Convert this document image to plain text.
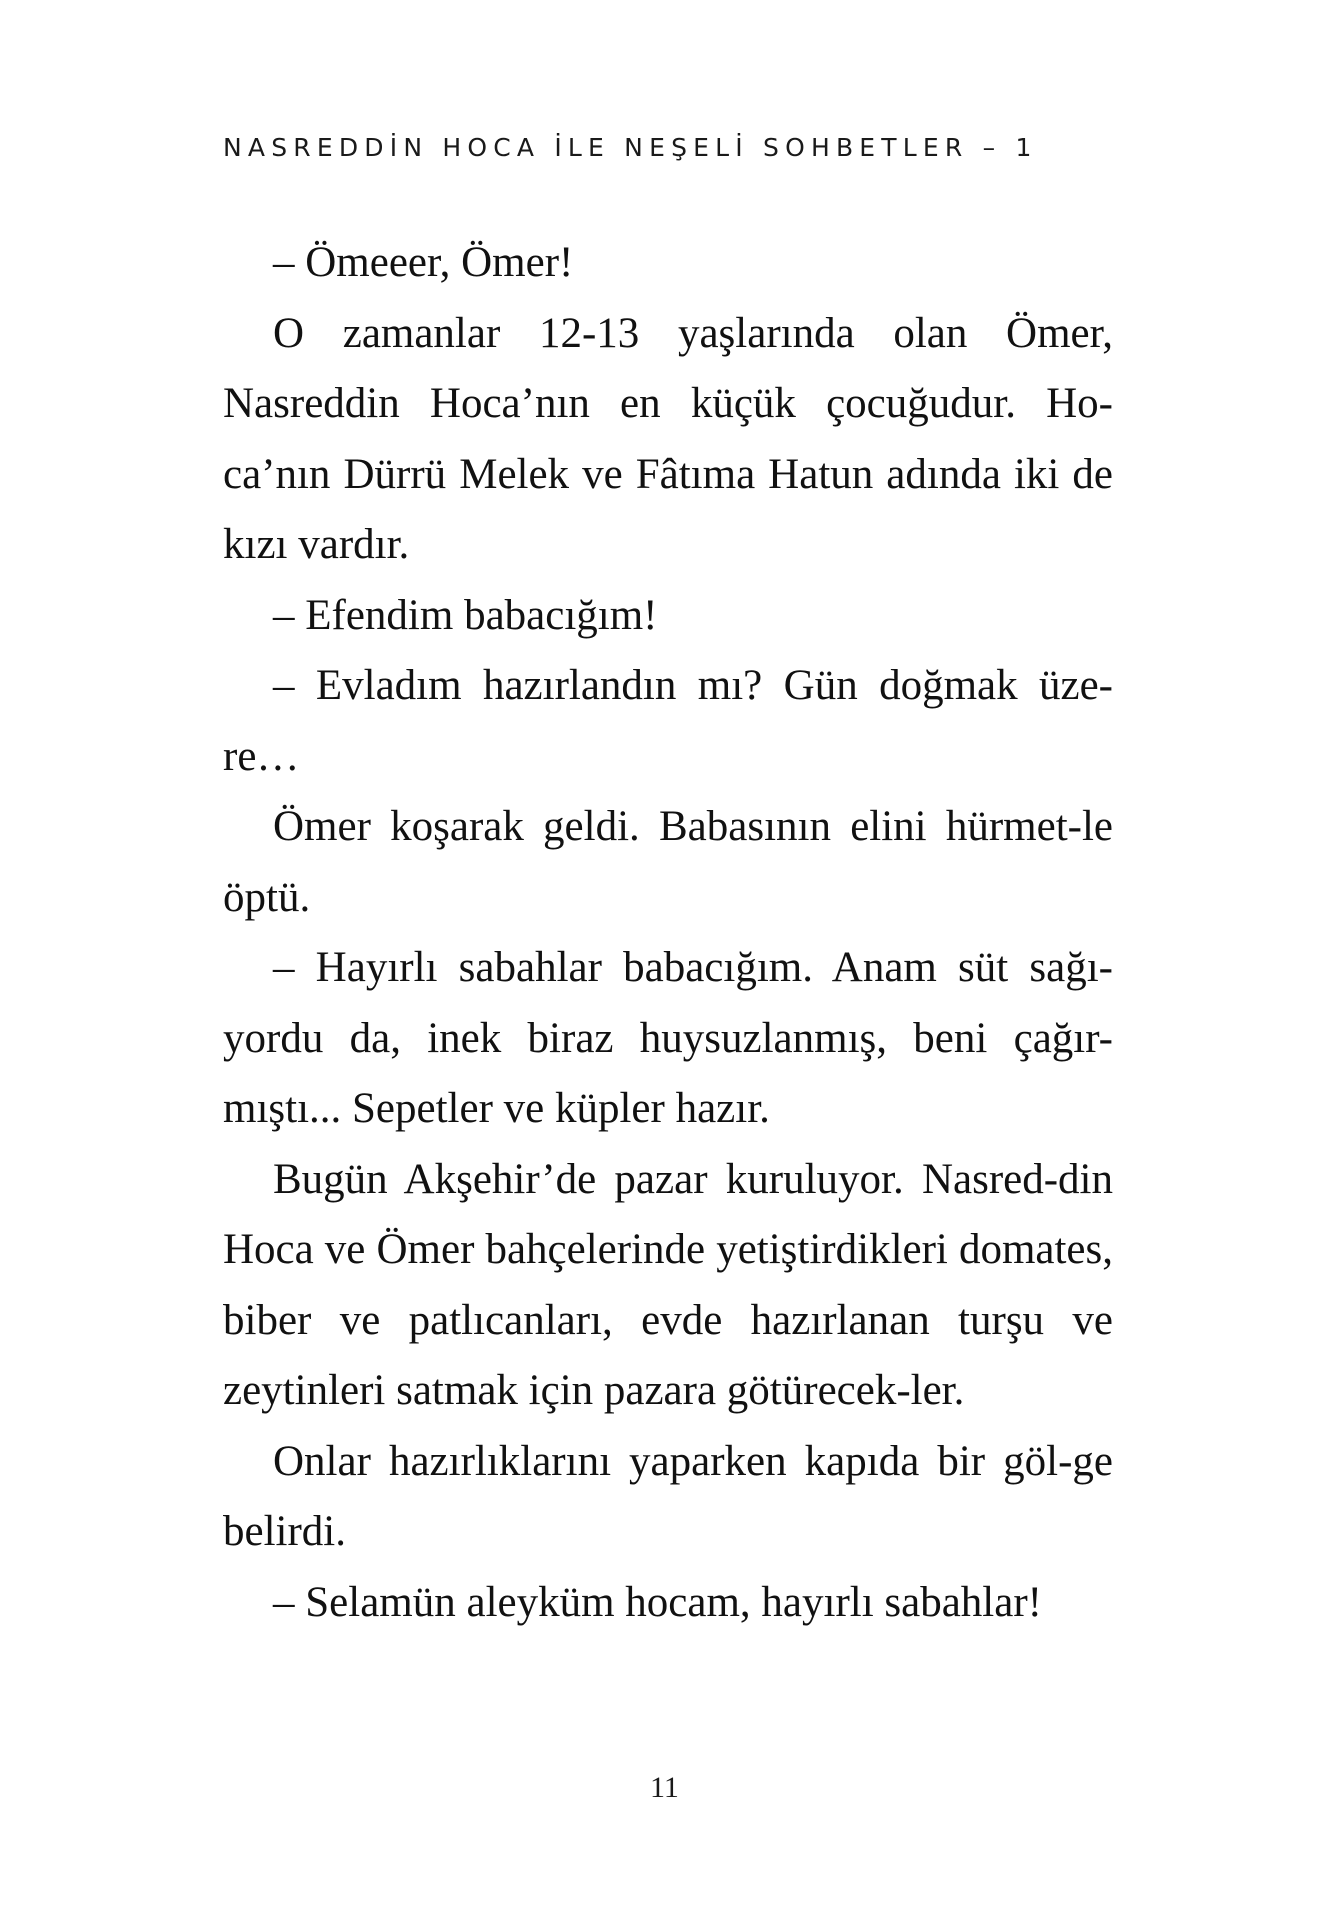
NASREDDİN HOCA İLE NEŞELİ SOHBETLER – 1

– Ömeeer, Ömer!

O zamanlar 12-13 yaşlarında olan Ömer, Nasreddin Hoca’nın en küçük çocuğudur. Ho-ca’nın Dürrü Melek ve Fâtıma Hatun adında iki de kızı vardır.

– Efendim babacığım!

– Evladım hazırlandın mı? Gün doğmak üze-re…

Ömer koşarak geldi. Babasının elini hürmet-le öptü.

– Hayırlı sabahlar babacığım. Anam süt sağı-yordu da, inek biraz huysuzlanmış, beni çağır-mıştı... Sepetler ve küpler hazır.

Bugün Akşehir’de pazar kuruluyor. Nasred-din Hoca ve Ömer bahçelerinde yetiştirdikleri domates, biber ve patlıcanları, evde hazırlanan turşu ve zeytinleri satmak için pazara götürecek-ler.

Onlar hazırlıklarını yaparken kapıda bir göl-ge belirdi.

– Selamün aleyküm hocam, hayırlı sabahlar!

11
